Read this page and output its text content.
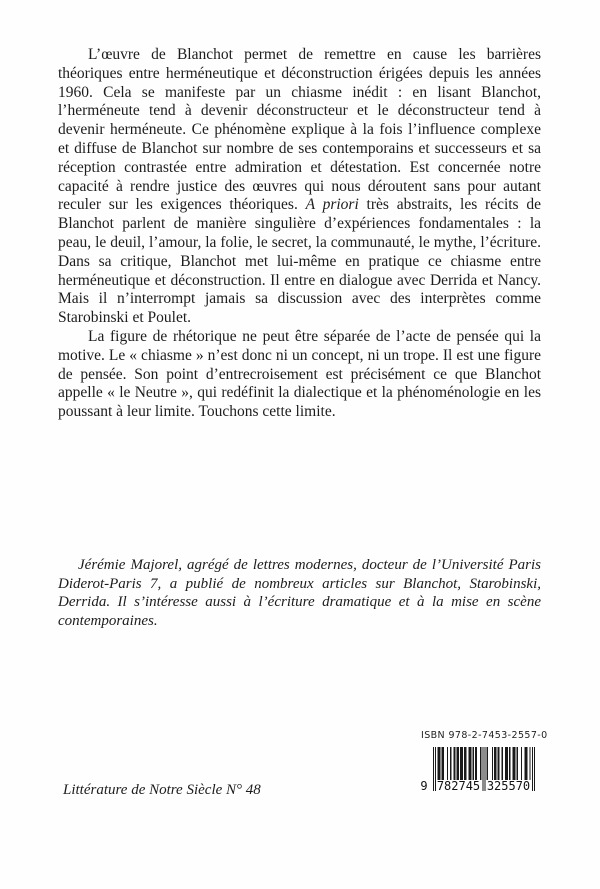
L’œuvre de Blanchot permet de remettre en cause les barrières théoriques entre herméneutique et déconstruction érigées depuis les années 1960. Cela se manifeste par un chiasme inédit : en lisant Blanchot, l’herméneute tend à devenir déconstructeur et le déconstructeur tend à devenir herméneute. Ce phénomène explique à la fois l’influence complexe et diffuse de Blanchot sur nombre de ses contemporains et successeurs et sa réception contrastée entre admiration et détestation. Est concernée notre capacité à rendre justice des œuvres qui nous déroutent sans pour autant reculer sur les exigences théoriques. A priori très abstraits, les récits de Blanchot parlent de manière singulière d’expériences fondamentales : la peau, le deuil, l’amour, la folie, le secret, la communauté, le mythe, l’écriture. Dans sa critique, Blanchot met lui-même en pratique ce chiasme entre herméneutique et déconstruction. Il entre en dialogue avec Derrida et Nancy. Mais il n’interrompt jamais sa discussion avec des interprètes comme Starobinski et Poulet.

La figure de rhétorique ne peut être séparée de l’acte de pensée qui la motive. Le « chiasme » n’est donc ni un concept, ni un trope. Il est une figure de pensée. Son point d’entrecroisement est précisément ce que Blanchot appelle « le Neutre », qui redéfinit la dialectique et la phénoménologie en les poussant à leur limite. Touchons cette limite.

Jérémie Majorel, agrégé de lettres modernes, docteur de l’Université Paris Diderot-Paris 7, a publié de nombreux articles sur Blanchot, Starobinski, Derrida. Il s’intéresse aussi à l’écriture dramatique et à la mise en scène contemporaines.

Littérature de Notre Siècle N° 48
ISBN 978-2-7453-2557-0
9 782745 325570
